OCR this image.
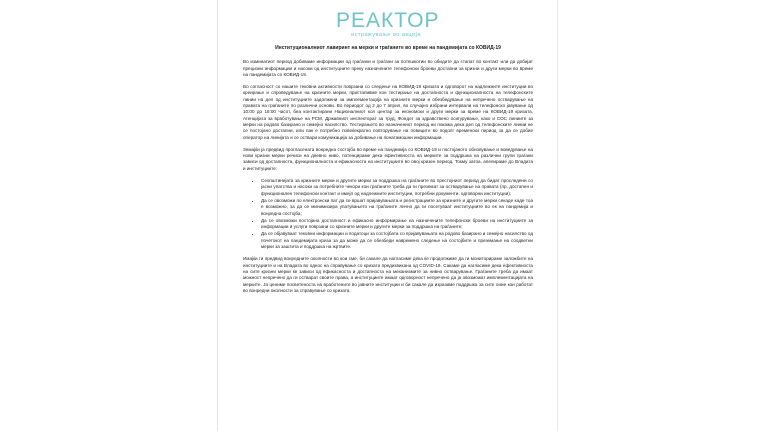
РЕАКТОР
истражување во акција
Институционалниот лавиринт на мерки и граѓаните во време на пандемијата со КОВИД-19

Во изминатиот период добиваме информации од граѓанки и граѓани за потешкотии во обидите да стапат во контакт или да добијат прецизни информации и насоки од институциите преку назначените телефонски броеви достапни за кризни и други мерки во време на пандемијата со КОВИД-19.

Во согласност со нашите тековни активности поврзани со следење на КОВИД-19 кризата и одговорот на надлежните институции во креирање и спроведување на кризните мерки, пристапивме кон тестирање на достапноста и функционалноста на телефонските линии на дел од институциите задолжени за имплементација на кризните мерки и обезбедување на непречено остварување на правата на граѓаните по различни основи. Во периодот од 2 до 7 април, во случајно избрани интервали на телефонско јавување од 10:00 до 18:00 часот, беа контактирани Националниот кол центар за економски и други мерки за време на КОВИД-19 кризата, Агенцијата за вработување на РСМ, Државниот инспекторат за труд, Фондот за здравствено осигурување, како и СОС линиите за мерки на родово базирано и семејно насилство. Тестирањето во назначениот период ни покажа дека дел од телефонските линии не се постојано достапни, или пак е потребно повеќекратно повторување на повиците во подолг временски период за да се добие оператор на линијата и се оствари комуникација за добивање на понатамошни информации.

Земајќи ја предвид прогласената вонредна состојба во време на пандемија со КОВИД-19 и постојаното обновување и воведување на нови кризни мерки речиси на дневно ниво, потенцираме дека ефективноста на мерките за поддршка на различни групи граѓани зависи од достапноста, функционалноста и ефикасноста на институциите во овој кризен период. Токму затоа, апелираме до Владата и институциите:

• Сеопштинејата за кризните мерки и другите мерки за поддршка на граѓаните во престојниот период да бидат проследени со јасни упатства и насоки за потребните чекори кои граѓаните треба да ги преземат за остварување на правата (пр. достапен и функционален телефонски контакт и имејл од надлежните институции, потребни документи, одговорни институции);
• Да се овозможи по електронски пат да се вршат пријавувањата и регистрациите за кризните и другите мерки секаде каде тоа е возможно, за да се минимизира упатувањето на граѓаните лично да ги посетуваат институциите во ек на пандемија и вонредна состојба;
• Да се овозможи постојана достапност и ефикасно информирање на назначените телефонски броеви на институциите за информации и услуги поврзани со кризните мерки и другите мерки за поддршка на граѓаните;
• Да се објавуваат тековни информации и податоци за состојбата со пријавувањата на родово базирано и семејно насилство од почетокот на пандемијата криза за да може да се обезбеди навремено следење на состојбите и преземање на соодветни мерки за заштита и поддршка на жртвите.

Имајќи ги предвид вонредните околности во кои сме, би сакале да нагласиме дека ќе продолжиме да ги мониторираме заложбите на институциите и на Владата во однос на справување со кризата предизвикана од COVID-19. Сакаме да нагласиме дека ефективноста на сите кризни мерки ќе зависи од ефикасноста и достапноста на механизмите за нивно остварување. Граѓаните треба да имаат можност непречено да ги остварат своите права, а институциите имаат одговорност непречено да ја овозможат имплементацијата на мерките. Ја цениме посветеноста на вработените во јавните институции и би сакале да изразиме поддршка за сите оние кои работат во вонредни околности за справување со кризата.
